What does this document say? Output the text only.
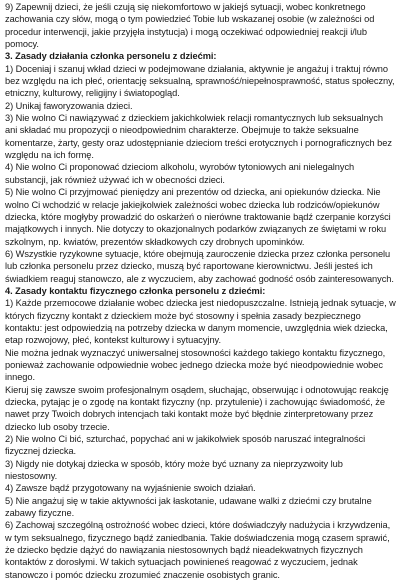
9) Zapewnij dzieci, że jeśli czują się niekomfortowo w jakiejś sytuacji, wobec konkretnego zachowania czy słów, mogą o tym powiedzieć Tobie lub wskazanej osobie (w zależności od procedur interwencji, jakie przyjęła instytucja) i mogą oczekiwać odpowiedniej reakcji i/lub pomocy.
3. Zasady działania członka personelu z dziećmi:
1) Doceniaj i szanuj wkład dzieci w podejmowane działania, aktywnie je angażuj i traktuj równo bez względu na ich płeć, orientację seksualną, sprawność/niepełnosprawność, status społeczny, etniczny, kulturowy, religijny i światopogląd.
2) Unikaj faworyzowania dzieci.
3) Nie wolno Ci nawiązywać z dzieckiem jakichkolwiek relacji romantycznych lub seksualnych ani składać mu propozycji o nieodpowiednim charakterze. Obejmuje to także seksualne komentarze, żarty, gesty oraz udostępnianie dzieciom treści erotycznych i pornograficznych bez względu na ich formę.
4) Nie wolno Ci proponować dzieciom alkoholu, wyrobów tytoniowych ani nielegalnych substancji, jak również używać ich w obecności dzieci.
5) Nie wolno Ci przyjmować pieniędzy ani prezentów od dziecka, ani opiekunów dziecka. Nie wolno Ci wchodzić w relacje jakiejkolwiek zależności wobec dziecka lub rodziców/opiekunów dziecka, które mogłyby prowadzić do oskarżeń o nierówne traktowanie bądź czerpanie korzyści majątkowych i innych. Nie dotyczy to okazjonalnych podarków związanych ze świętami w roku szkolnym, np. kwiatów, prezentów składkowych czy drobnych upominków.
6) Wszystkie ryzykowne sytuacje, które obejmują zauroczenie dziecka przez członka personelu lub członka personelu przez dziecko, muszą być raportowane kierownictwu. Jeśli jesteś ich świadkiem reaguj stanowczo, ale z wyczuciem, aby zachować godność osób zainteresowanych.
4. Zasady kontaktu fizycznego członka personelu z dziećmi:
1) Każde przemocowe działanie wobec dziecka jest niedopuszczalne. Istnieją jednak sytuacje, w których fizyczny kontakt z dzieckiem może być stosowny i spełnia zasady bezpiecznego kontaktu: jest odpowiedzią na potrzeby dziecka w danym momencie, uwzględnia wiek dziecka, etap rozwojowy, płeć, kontekst kulturowy i sytuacyjny.
Nie można jednak wyznaczyć uniwersalnej stosowności każdego takiego kontaktu fizycznego, ponieważ zachowanie odpowiednie wobec jednego dziecka może być nieodpowiednie wobec innego.
Kieruj się zawsze swoim profesjonalnym osądem, słuchając, obserwując i odnotowując reakcję dziecka, pytając je o zgodę na kontakt fizyczny (np. przytulenie) i zachowując świadomość, że nawet przy Twoich dobrych intencjach taki kontakt może być błędnie zinterpretowany przez dziecko lub osoby trzecie.
2) Nie wolno Ci bić, szturchać, popychać ani w jakikolwiek sposób naruszać integralności fizycznej dziecka.
3) Nigdy nie dotykaj dziecka w sposób, który może być uznany za nieprzyzwoity lub niestosowny.
4) Zawsze bądź przygotowany na wyjaśnienie swoich działań.
5) Nie angażuj się w takie aktywności jak łaskotanie, udawane walki z dziećmi czy brutalne zabawy fizyczne.
6) Zachowaj szczególną ostrożność wobec dzieci, które doświadczyły nadużycia i krzywdzenia, w tym seksualnego, fizycznego bądź zaniedbania. Takie doświadczenia mogą czasem sprawić, że dziecko będzie dążyć do nawiązania niestosownych bądź nieadekwatnych fizycznych kontaktów z dorosłymi. W takich sytuacjach powinieneś reagować z wyczuciem, jednak stanowczo i pomóc dziecku zrozumieć znaczenie osobistych granic.
